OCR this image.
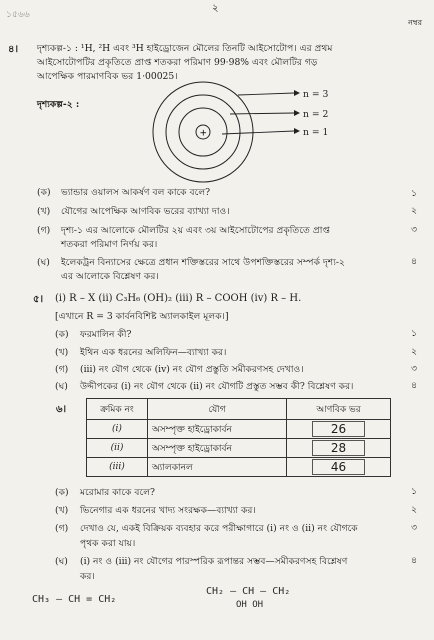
২
১৫৬৬
নম্বর
৪। দৃশ্যকল্প-১ : ¹H, ²H এবং ³H হাইড্রোজেন মৌলের তিনটি আইসোটোপ। এর প্রথম
আইসোটোপটির প্রকৃতিতে প্রাপ্ত শতকরা পরিমাণ 99·98% এবং মৌলটির গড়
আপেক্ষিক পারমাণবিক ভর 1·00025।
দৃশ্যকল্প-২ :
+
n = 3
n = 2
n = 1
(ক) ভ্যান্ডার ওয়ালস আকর্ষণ বল কাকে বলে?	১
(খ) যৌগের আপেক্ষিক আণবিক ভরের ব্যাখ্যা দাও।	২
(গ) দৃশ্য-১ এর আলোকে মৌলটির ২য় এবং ৩য় আইসোটোপের প্রকৃতিতে প্রাপ্ত
শতকরা পরিমাণ নির্ণয় কর।
৩
(ঘ) ইলেকট্রন বিন্যাসের ক্ষেত্রে প্রধান শক্তিস্তরের সাথে উপশক্তিস্তরের সম্পর্ক দৃশ্য-২
এর আলোকে বিশ্লেষণ কর।
৪
৫। (i) R – X (ii) C₃H₆ (OH)₂ (iii) R – COOH (iv) R – H.
[এখানে R = 3 কার্বনবিশিষ্ট অ্যালকাইল মূলক।]
(ক) ফরমালিন কী?	১
(খ) ইথিন এক ধরনের অলিফিন—ব্যাখ্যা কর।	২
(গ) (iii) নং যৌগ থেকে (iv) নং যৌগ প্রস্তুতি সমীকরণসহ দেখাও।	৩
(ঘ) উদ্দীপকের (i) নং যৌগ থেকে (ii) নং যৌগটি প্রস্তুত সম্ভব কী? বিশ্লেষণ কর।	৪
৬।	ক্রমিক নং	যৌগ	আণবিক ভর
(i)	অসম্পৃক্ত হাইড্রোকার্বন	26
(ii)	অসম্পৃক্ত হাইড্রোকার্বন	28
(iii)	অ্যালকানল	46
(ক) মরোমার কাকে বলে?	১
(খ) ভিনেগার এক ধরনের খাদ্য সংরক্ষক—ব্যাখ্যা কর।	২
(গ) দেখাও যে, একই বিক্রিয়ক ব্যবহার করে পরীক্ষাগারে (i) নং ও (ii) নং যৌগকে
পৃথক করা যায়।
৩
(ঘ) (i) নং ও (iii) নং যৌগের পারস্পরিক রূপান্তর সম্ভব—সমীকরণসহ বিশ্লেষণ
কর।
৪
CH₃ – CH = CH₂
CH₂ – CH – CH₂
OH OH
